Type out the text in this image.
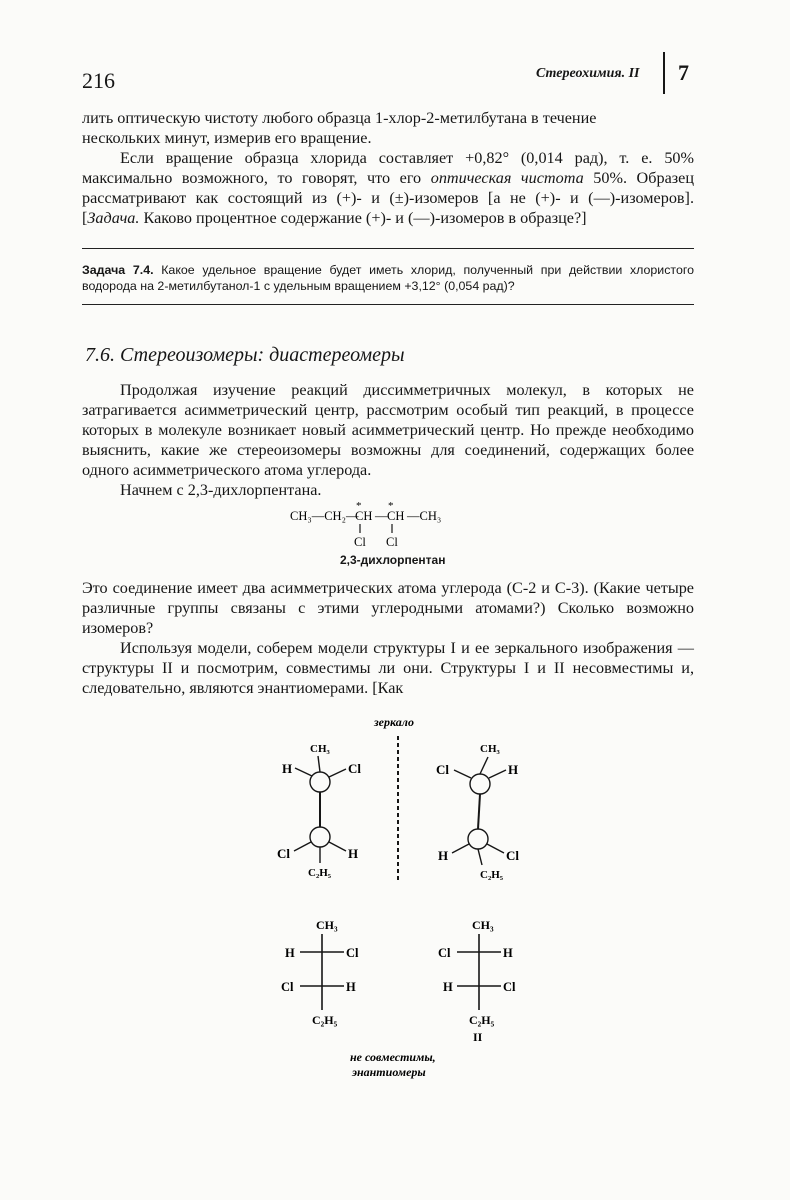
216	Стереохимия. II 7

лить оптическую чистоту любого образца 1-хлор-2-метилбутана в течение

нескольких минут, измерив его вращение.

Если вращение образца хлорида составляет +0,82° (0,014 рад), т. е. 50% максимально возможного, то говорят, что его оптическая чистота 50%. Образец рассматривают как состоящий из (+)- и (±)-изомеров [а не (+)- и (—)-изомеров]. [Задача. Каково процентное содержание (+)- и (—)-изомеров в образце?]

Задача 7.4. Какое удельное вращение будет иметь хлорид, полученный при действии хлористого водорода на 2-метилбутанол-1 с удельным вращением +3,12° (0,054 рад)?
7.6. Стереоизомеры: диастереомеры

Продолжая изучение реакций диссимметричных молекул, в которых не затрагивается асимметрический центр, рассмотрим особый тип реакций, в процессе которых в молекуле возникает новый асимметрический центр. Но прежде необходимо выяснить, какие же стереоизомеры возможны для соединений, содержащих более одного асимметрического атома углерода.

Начнем с 2,3-дихлорпентана.

CH₃—CH₂—
CH — CH —CH₃
* *
Cl Cl
2,3-дихлорпентан

Это соединение имеет два асимметрических атома углерода (С-2 и С-3). (Какие четыре различные группы связаны с этими углеродными атомами?) Сколько возможно изомеров?

Используя модели, соберем модели структуры I и ее зеркального изображения — структуры II и посмотрим, совместимы ли они. Структуры I и II несовместимы и, следовательно, являются энантиомерами. [Как

зеркало
CH₃
H	Cl
Cl	H
C₂H₅
CH₃
Cl	H
H	Cl
C₂H₅
CH₃
H	Cl
Cl	H
C₂H₅
CH₃
Cl	H
H	Cl
C₂H₅
II
не совместимы,
энантиомеры
